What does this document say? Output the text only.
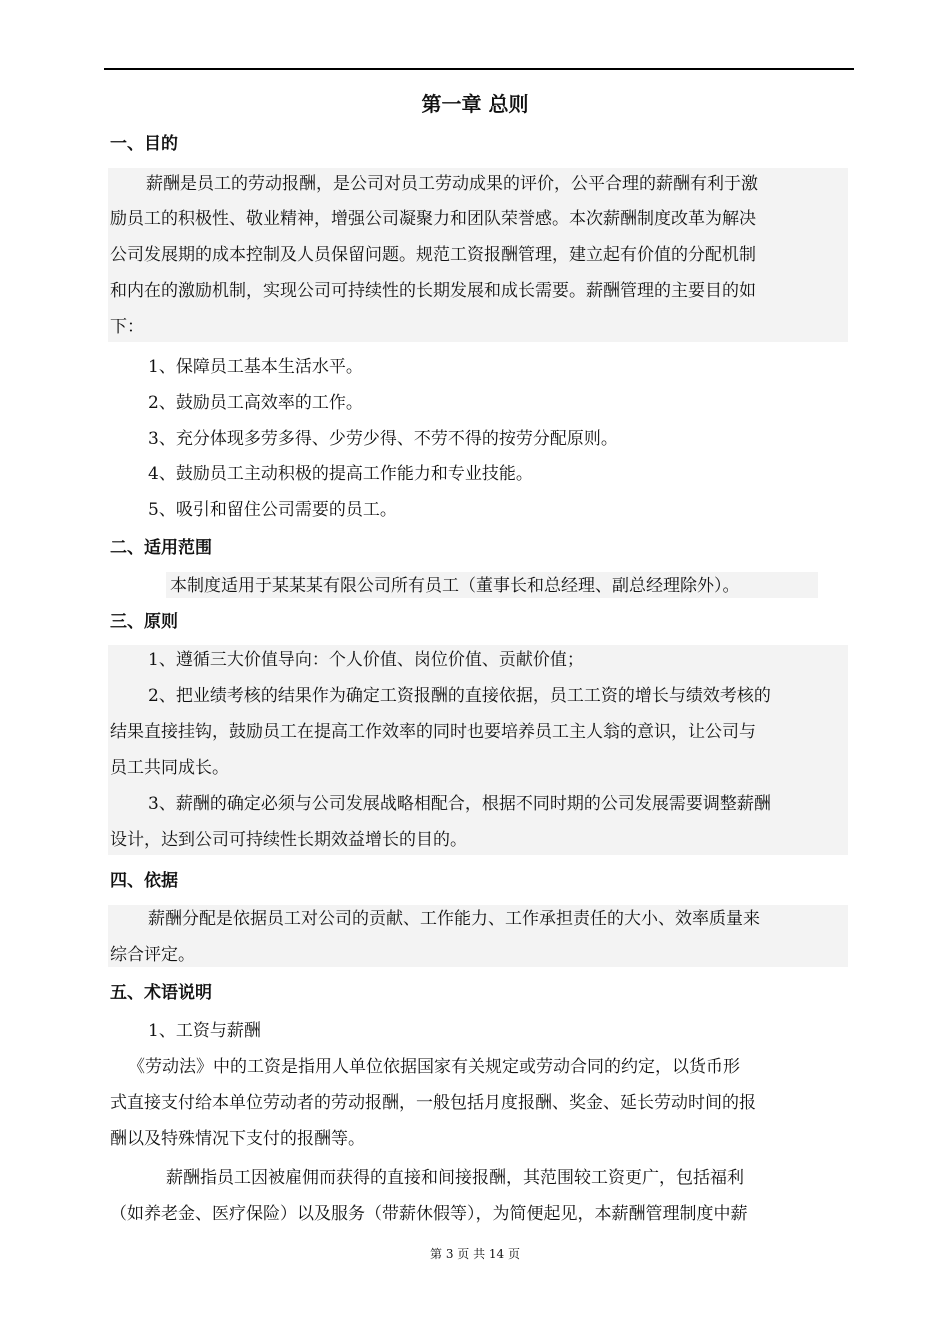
第一章 总则
一、目的
薪酬是员工的劳动报酬，是公司对员工劳动成果的评价，公平合理的薪酬有利于激
励员工的积极性、敬业精神，增强公司凝聚力和团队荣誉感。本次薪酬制度改革为解决
公司发展期的成本控制及人员保留问题。规范工资报酬管理，建立起有价值的分配机制
和内在的激励机制，实现公司可持续性的长期发展和成长需要。薪酬管理的主要目的如
下：
1、保障员工基本生活水平。
2、鼓励员工高效率的工作。
3、充分体现多劳多得、少劳少得、不劳不得的按劳分配原则。
4、鼓励员工主动积极的提高工作能力和专业技能。
5、吸引和留住公司需要的员工。
二、适用范围
本制度适用于某某某有限公司所有员工（董事长和总经理、副总经理除外）。
三、原则
1、遵循三大价值导向：个人价值、岗位价值、贡献价值；
2、把业绩考核的结果作为确定工资报酬的直接依据，员工工资的增长与绩效考核的
结果直接挂钩，鼓励员工在提高工作效率的同时也要培养员工主人翁的意识，让公司与
员工共同成长。
3、薪酬的确定必须与公司发展战略相配合，根据不同时期的公司发展需要调整薪酬
设计，达到公司可持续性长期效益增长的目的。
四、依据
薪酬分配是依据员工对公司的贡献、工作能力、工作承担责任的大小、效率质量来
综合评定。
五、术语说明
1、工资与薪酬
《劳动法》中的工资是指用人单位依据国家有关规定或劳动合同的约定，以货币形
式直接支付给本单位劳动者的劳动报酬，一般包括月度报酬、奖金、延长劳动时间的报
酬以及特殊情况下支付的报酬等。
薪酬指员工因被雇佣而获得的直接和间接报酬，其范围较工资更广，包括福利
（如养老金、医疗保险）以及服务（带薪休假等），为简便起见，本薪酬管理制度中薪
第 3 页 共 14 页
